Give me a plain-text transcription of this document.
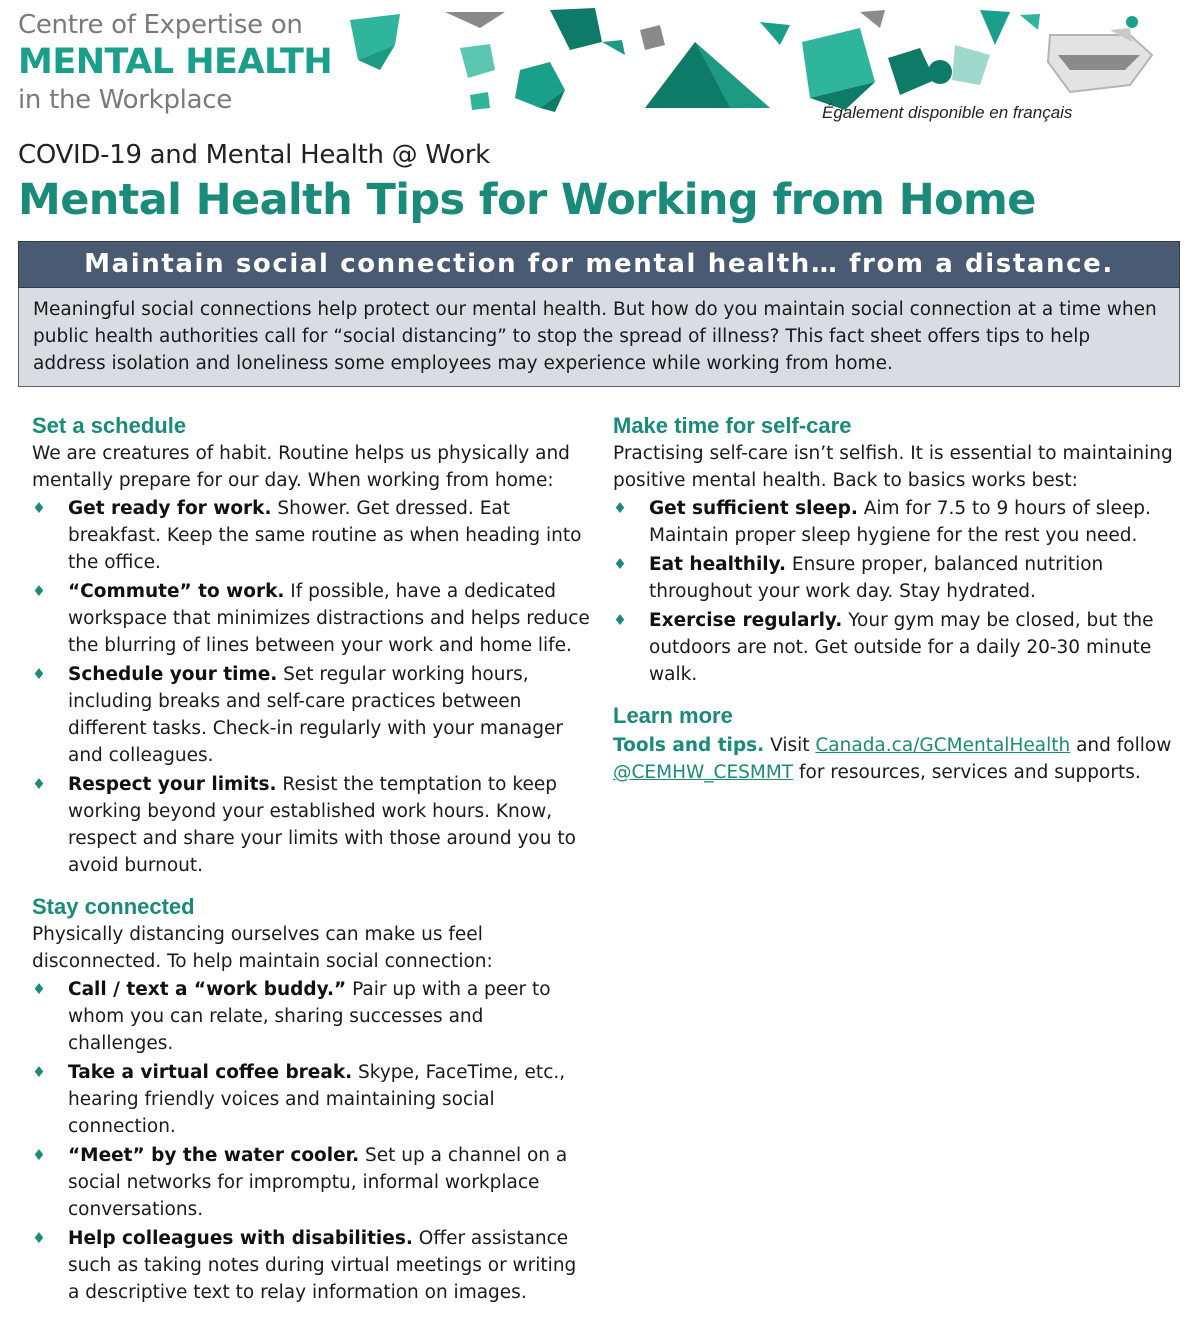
Centre of Expertise on
MENTAL HEALTH
in the Workplace	Également disponible en français
COVID-19 and Mental Health @ Work
Mental Health Tips for Working from Home
Maintain social connection for mental health… from a distance.

Meaningful social connections help protect our mental health. But how do you maintain social connection at a time when public health authorities call for “social distancing” to stop the spread of illness? This fact sheet offers tips to help address isolation and loneliness some employees may experience while working from home.

Set a schedule

We are creatures of habit. Routine helps us physically and mentally prepare for our day. When working from home:

♦ Get ready for work. Shower. Get dressed. Eat breakfast. Keep the same routine as when heading into the office.
♦ “Commute” to work. If possible, have a dedicated workspace that minimizes distractions and helps reduce the blurring of lines between your work and home life.
♦ Schedule your time. Set regular working hours, including breaks and self-care practices between different tasks. Check-in regularly with your manager and colleagues.
♦ Respect your limits. Resist the temptation to keep working beyond your established work hours. Know, respect and share your limits with those around you to avoid burnout.
Stay connected

Physically distancing ourselves can make us feel disconnected. To help maintain social connection:

♦ Call / text a “work buddy.” Pair up with a peer to whom you can relate, sharing successes and challenges.
♦ Take a virtual coffee break. Skype, FaceTime, etc., hearing friendly voices and maintaining social connection.
♦ “Meet” by the water cooler. Set up a channel on a social networks for impromptu, informal workplace conversations.
♦ Help colleagues with disabilities. Offer assistance such as taking notes during virtual meetings or writing a descriptive text to relay information on images.
Make time for self-care

Practising self-care isn’t selfish. It is essential to maintaining positive mental health. Back to basics works best:

♦ Get sufficient sleep. Aim for 7.5 to 9 hours of sleep. Maintain proper sleep hygiene for the rest you need.
♦ Eat healthily. Ensure proper, balanced nutrition throughout your work day. Stay hydrated.
♦ Exercise regularly. Your gym may be closed, but the outdoors are not. Get outside for a daily 20-30 minute walk.
Learn more

Tools and tips. Visit Canada.ca/GCMentalHealth and follow @CEMHW_CESMMT for resources, services and supports.
